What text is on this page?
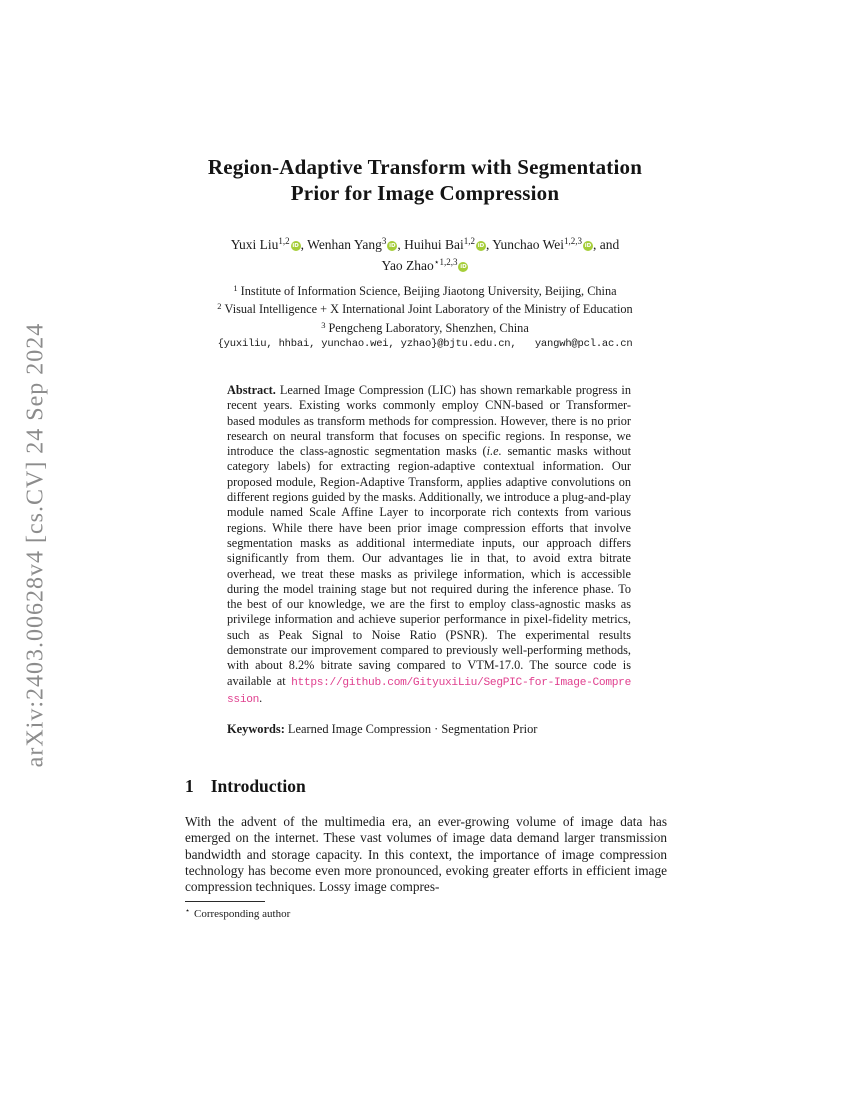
arXiv:2403.00628v4 [cs.CV] 24 Sep 2024
Region-Adaptive Transform with Segmentation
Prior for Image Compression
Yuxi Liu$^{1,2}$ iD , Wenhan Yang$^3$ iD , Huihui Bai$^{1,2}$ iD , Yunchao Wei$^{1,2,3}$ iD , and
Yao Zhao$^{⋆1,2,3}$ iD
$^1$ Institute of Information Science, Beijing Jiaotong University, Beijing, China
$^2$ Visual Intelligence + X International Joint Laboratory of the Ministry of Education
$^3$ Pengcheng Laboratory, Shenzhen, China
{yuxiliu, hhbai, yunchao.wei, yzhao}@bjtu.edu.cn,   yangwh@pcl.ac.cn

Abstract. Learned Image Compression (LIC) has shown remarkable progress in recent years. Existing works commonly employ CNN-based or Transformer-based modules as transform methods for compression. However, there is no prior research on neural transform that focuses on specific regions. In response, we introduce the class-agnostic segmentation masks (i.e. semantic masks without category labels) for extracting region-adaptive contextual information. Our proposed module, Region-Adaptive Transform, applies adaptive convolutions on different regions guided by the masks. Additionally, we introduce a plug-and-play module named Scale Affine Layer to incorporate rich contexts from various regions. While there have been prior image compression efforts that involve segmentation masks as additional intermediate inputs, our approach differs significantly from them. Our advantages lie in that, to avoid extra bitrate overhead, we treat these masks as privilege information, which is accessible during the model training stage but not required during the inference phase. To the best of our knowledge, we are the first to employ class-agnostic masks as privilege information and achieve superior performance in pixel-fidelity metrics, such as Peak Signal to Noise Ratio (PSNR). The experimental results demonstrate our improvement compared to previously well-performing methods, with about 8.2% bitrate saving compared to VTM-17.0. The source code is available at https://github.com/GityuxiLiu/SegPIC-for-Image-Compression.

Keywords: Learned Image Compression · Segmentation Prior

1 Introduction

With the advent of the multimedia era, an ever-growing volume of image data has emerged on the internet. These vast volumes of image data demand larger transmission bandwidth and storage capacity. In this context, the importance of image compression technology has become even more pronounced, evoking greater efforts in efficient image compression techniques. Lossy image compres-

⋆ Corresponding author
